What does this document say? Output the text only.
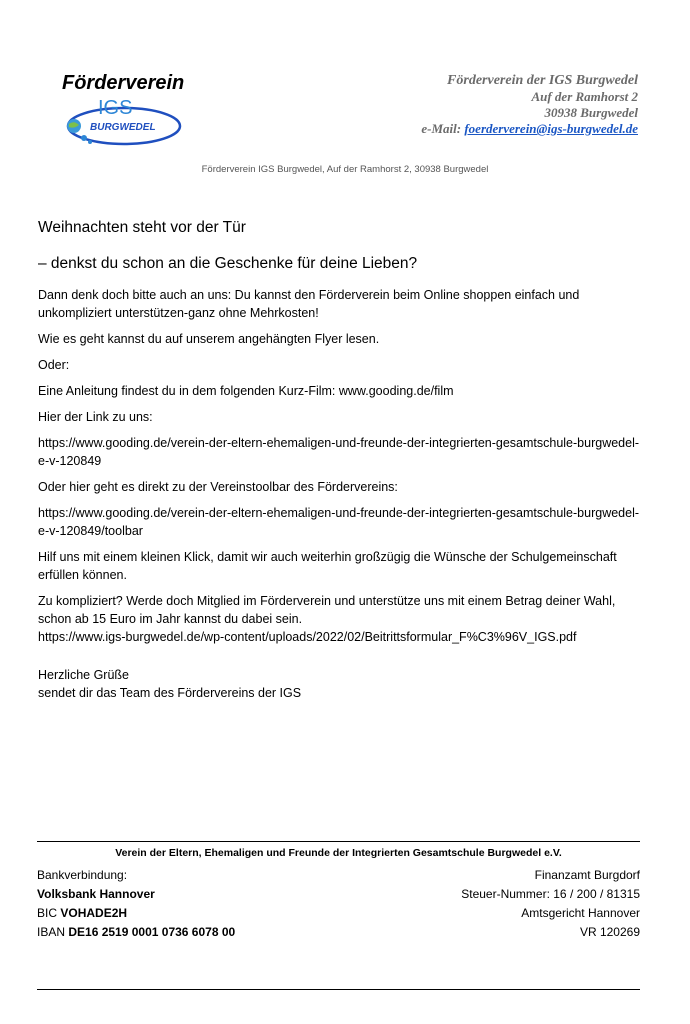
Förderverein
IGS
BURGWEDEL
Förderverein der IGS Burgwedel
Auf der Ramhorst 2
30938 Burgwedel
e-Mail: foerderverein@igs-burgwedel.de
Förderverein IGS Burgwedel, Auf der Ramhorst 2, 30938 Burgwedel
Weihnachten steht vor der Tür
– denkst du schon an die Geschenke für deine Lieben?

Dann denk doch bitte auch an uns: Du kannst den Förderverein beim Online shoppen einfach und unkompliziert unterstützen-ganz ohne Mehrkosten!

Wie es geht kannst du auf unserem angehängten Flyer lesen.

Oder:

Eine Anleitung findest du in dem folgenden Kurz-Film: www.gooding.de/film

Hier der Link zu uns:

https://www.gooding.de/verein-der-eltern-ehemaligen-und-freunde-der-integrierten-gesamtschule-burgwedel-e-v-120849

Oder hier geht es direkt zu der Vereinstoolbar des Fördervereins:

https://www.gooding.de/verein-der-eltern-ehemaligen-und-freunde-der-integrierten-gesamtschule-burgwedel-e-v-120849/toolbar

Hilf uns mit einem kleinen Klick, damit wir auch weiterhin großzügig die Wünsche der Schulgemeinschaft erfüllen können.

Zu kompliziert? Werde doch Mitglied im Förderverein und unterstütze uns mit einem Betrag deiner Wahl, schon ab 15 Euro im Jahr kannst du dabei sein.

https://www.igs-burgwedel.de/wp-content/uploads/2022/02/Beitrittsformular_F%C3%96V_IGS.pdf

Herzliche Grüße
sendet dir das Team des Fördervereins der IGS
Verein der Eltern, Ehemaligen und Freunde der Integrierten Gesamtschule Burgwedel e.V.
Bankverbindung:
Volksbank Hannover
BIC VOHADE2H
IBAN DE16 2519 0001 0736 6078 00
Finanzamt Burgdorf
Steuer-Nummer: 16 / 200 / 81315
Amtsgericht Hannover
VR 120269
